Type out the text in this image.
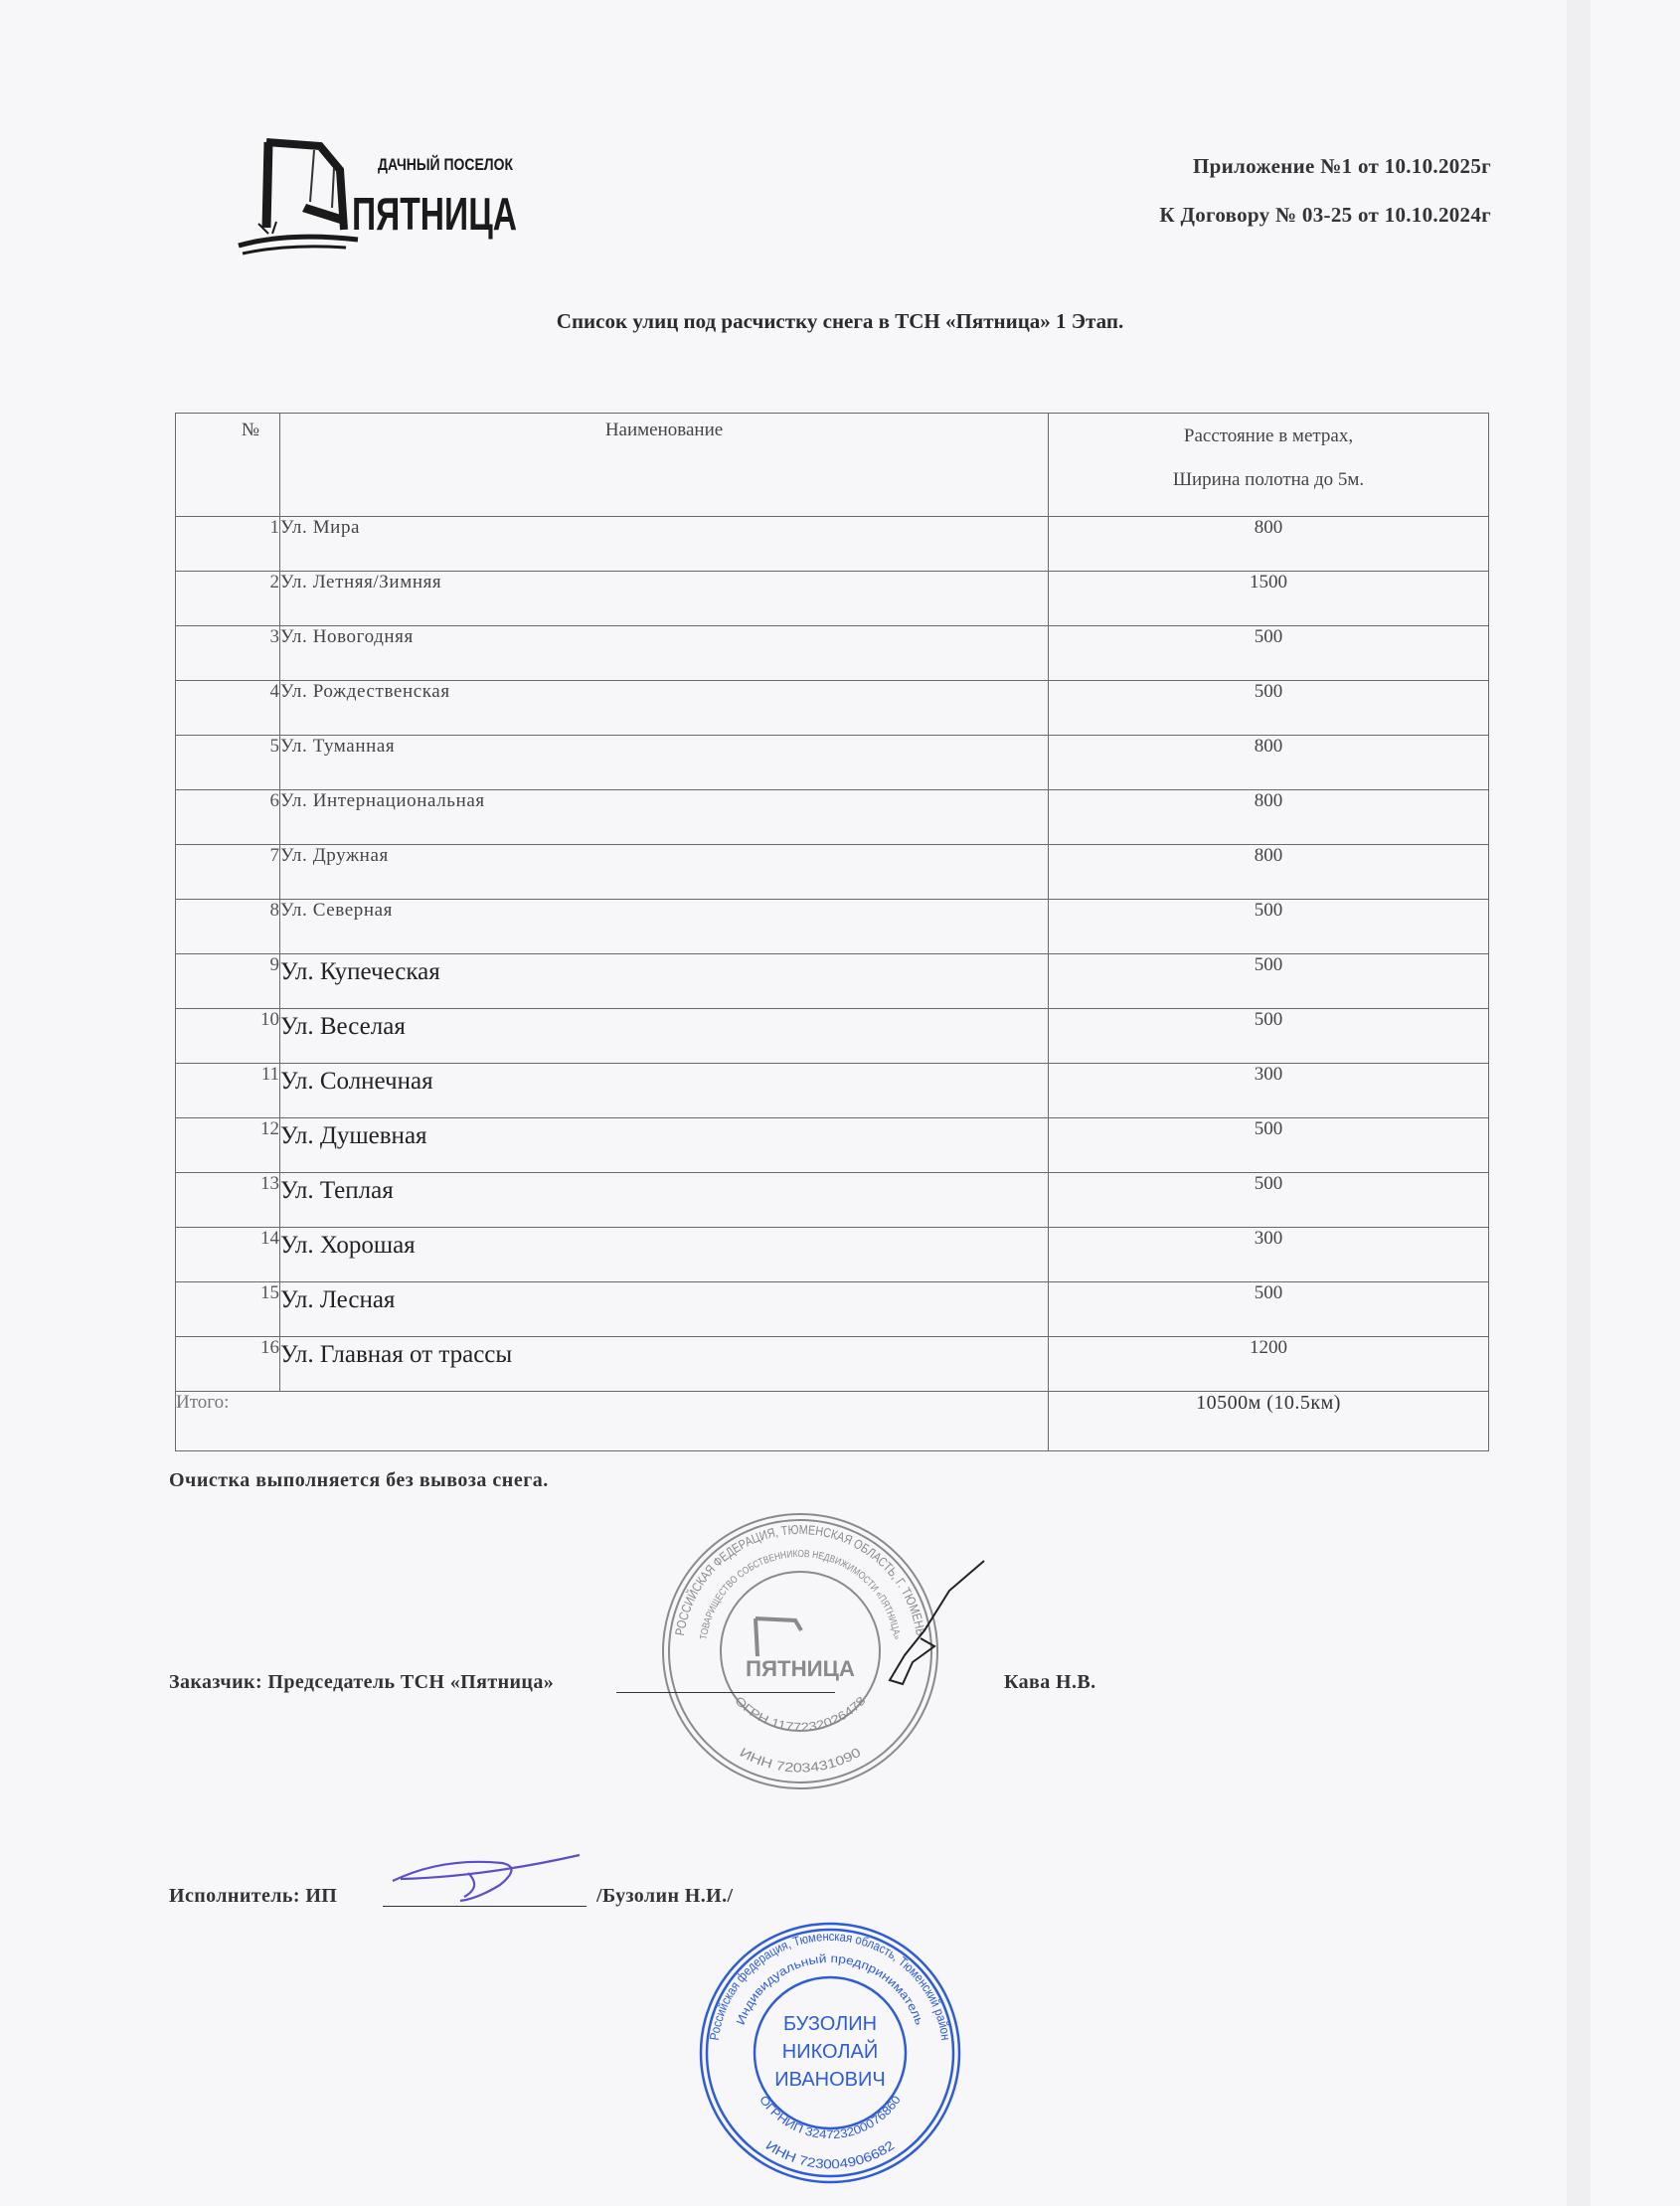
ДАЧНЫЙ ПОСЕЛОК
ПЯТНИЦА
Приложение №1 от 10.10.2025г
К Договору № 03-25 от 10.10.2024г
Список улиц под расчистку снега в ТСН «Пятница» 1 Этап.
№	Наименование	Расстояние в метрах,
Ширина полотна до 5м.

1	Ул. Мира	800
2	Ул. Летняя/Зимняя	1500
3	Ул. Новогодняя	500
4	Ул. Рождественская	500
5	Ул. Туманная	800
6	Ул. Интернациональная	800
7	Ул. Дружная	800
8	Ул. Северная	500
9	Ул. Купеческая	500
10	Ул. Веселая	500
11	Ул. Солнечная	300
12	Ул. Душевная	500
13	Ул. Теплая	500
14	Ул. Хорошая	300
15	Ул. Лесная	500
16	Ул. Главная от трассы	1200
Итого:		10500м (10.5км)
Очистка выполняется без вывоза снега.
РОССИЙСКАЯ ФЕДЕРАЦИЯ, ТЮМЕНСКАЯ ОБЛАСТЬ, Г. ТЮМЕНЬ
ТОВАРИЩЕСТВО СОБСТВЕННИКОВ НЕДВИЖИМОСТИ «ПЯТНИЦА»
ОГРН 1177232026478
ИНН 7203431090
ПЯТНИЦА
Заказчик: Председатель ТСН «Пятница»	Кава Н.В.
Исполнитель: ИП	/Бузолин Н.И./
Российская федерация, Тюменская область, Тюменский район
Индивидуальный предприниматель
ОГРНИП 324723200076860
ИНН 723004906682
БУЗОЛИН
НИКОЛАЙ
ИВАНОВИЧ
